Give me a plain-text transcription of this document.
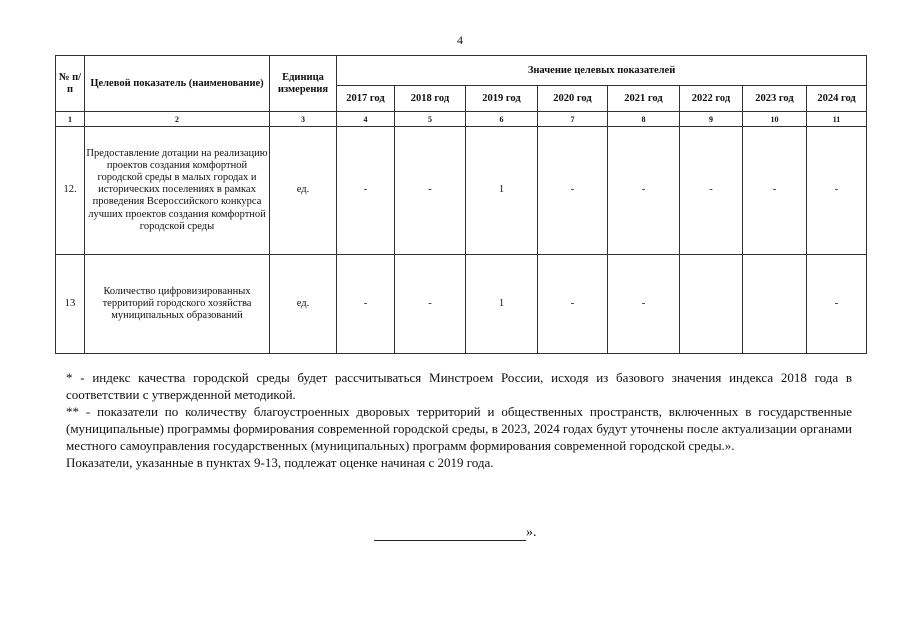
4
№ п/п	Целевой показатель (наименование)	Единица измерения	Значение целевых показателей							
			2017 год	2018 год	2019 год	2020 год	2021 год	2022 год	2023 год	2024 год
1	2	3	4	5	6	7	8	9	10	11
12.	Предоставление дотации на реализацию проектов создания комфортной городской среды в малых городах и исторических поселениях в рамках проведения Всероссийского конкурса лучших проектов создания комфортной городской среды	ед.	-	-	1	-	-	-	-	-
13	Количество цифровизированных территорий городского хозяйства муниципальных образований	ед.	-	-	1	-	-			-

* - индекс качества городской среды будет рассчитываться Минстроем России, исходя из базового значения индекса 2018 года в соответствии с утвержденной методикой.

** - показатели по количеству благоустроенных дворовых территорий и общественных пространств, включенных в государственные (муниципальные) программы формирования современной городской среды, в 2023, 2024 годах будут уточнены после актуализации органами местного самоуправления государственных (муниципальных) программ формирования современной городской среды.».

Показатели, указанные в пунктах 9-13, подлежат оценке начиная с 2019 года.

».
